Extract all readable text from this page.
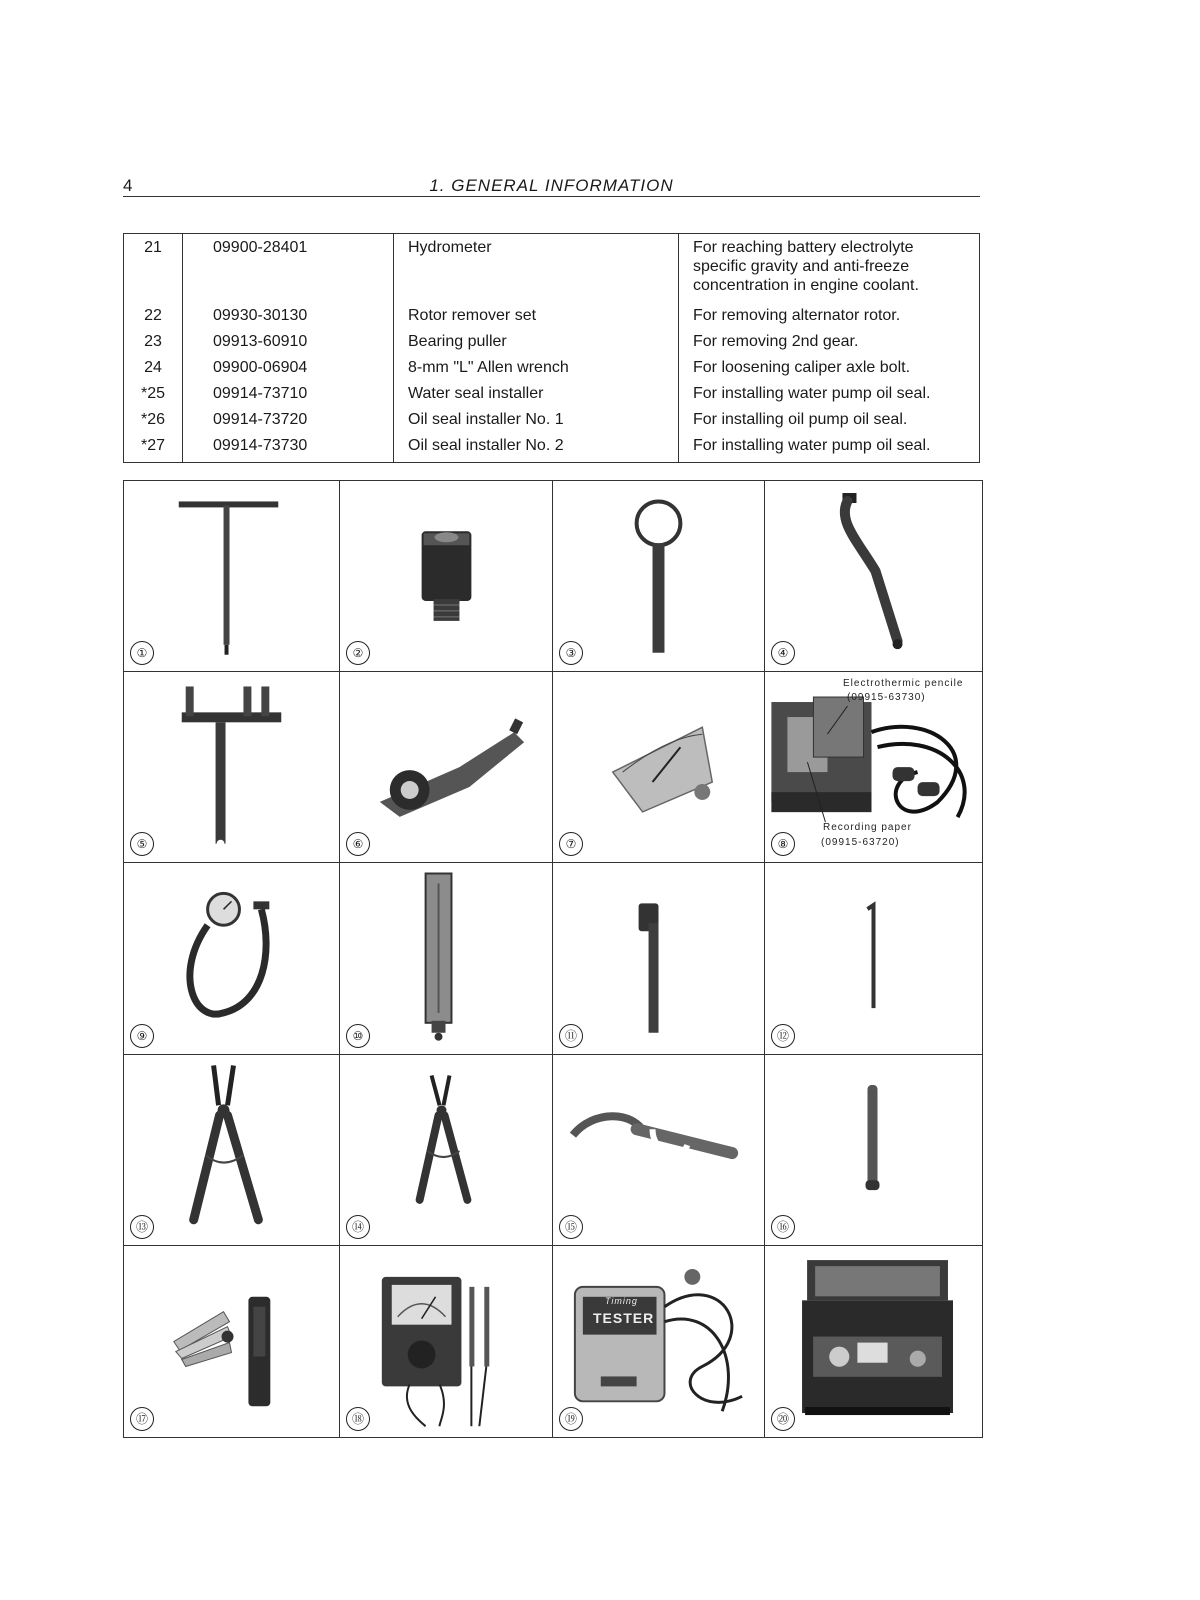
4	1. GENERAL INFORMATION
21	09900-28401	Hydrometer	For reaching battery electrolyte specific gravity and anti-freeze concentration in engine coolant.
22	09930-30130	Rotor remover set	For removing alternator rotor.
23	09913-60910	Bearing puller	For removing 2nd gear.
24	09900-06904	8-mm "L" Allen wrench	For loosening caliper axle bolt.
*25	09914-73710	Water seal installer	For installing water pump oil seal.
*26	09914-73720	Oil seal installer No. 1	For installing oil pump oil seal.
*27	09914-73730	Oil seal installer No. 2	For installing water pump oil seal.
①	②	③	④
⑤	⑥	⑦
Electrothermic pencile
(09915-63730)
Recording paper
(09915-63720)
⑧
⑨	⑩	⑪	⑫
⑬	⑭	⑮	⑯
⑰	⑱
Timing
TESTER
⑲	⑳
